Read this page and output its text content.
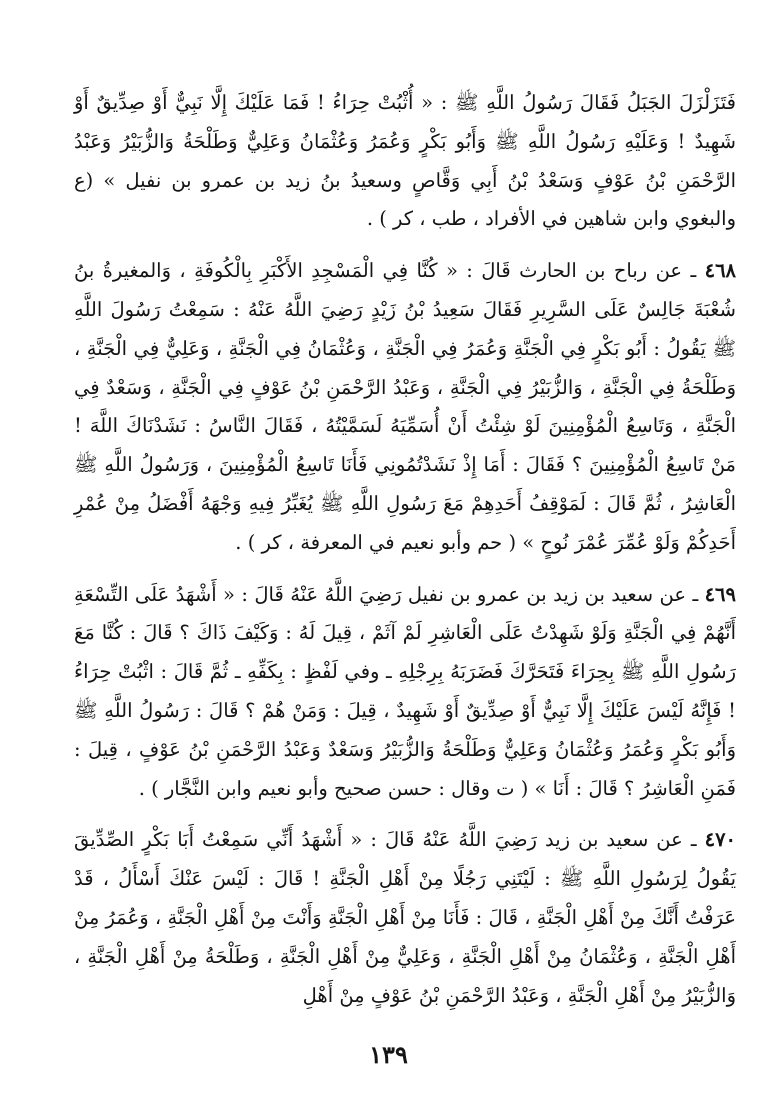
فَتَزَلْزَلَ الجَبَلُ فَقَالَ رَسُولُ اللَّهِ ﷺ : « أُثْبُتْ حِرَاءُ ! فَمَا عَلَيْكَ إِلَّا نَبِيٌّ أَوْ صِدِّيقٌ أَوْ شَهِيدٌ ! وَعَلَيْهِ رَسُولُ اللَّهِ ﷺ وَأَبُو بَكْرٍ وَعُمَرُ وَعُثْمَانُ وَعَلِيٌّ وَطَلْحَةُ وَالزُّبَيْرُ وَعَبْدُ الرَّحْمَنِ بْنُ عَوْفٍ وَسَعْدُ بْنُ أَبِي وَقَّاصٍ وسعيدُ بنُ زيد بن عمرو بن نفيل » (ع والبغوي وابن شاهين في الأفراد ، طب ، كر ) .

٤٦٨ ـ عن رباح بن الحارث قَالَ : « كُنَّا فِي الْمَسْجِدِ الأَكْبَرِ بِالْكُوفَةِ ، وَالمغيرةُ بنُ شُعْبَةَ جَالِسٌ عَلَى السَّرِيرِ فَقَالَ سَعِيدُ بْنُ زَيْدٍ رَضِيَ اللَّهُ عَنْهُ : سَمِعْتُ رَسُولَ اللَّهِ ﷺ يَقُولُ : أَبُو بَكْرٍ فِي الْجَنَّةِ وَعُمَرُ فِي الْجَنَّةِ ، وَعُثْمَانُ فِي الْجَنَّةِ ، وَعَلِيٌّ فِي الْجَنَّةِ ، وَطَلْحَةُ فِي الْجَنَّةِ ، وَالزُّبَيْرُ فِي الْجَنَّةِ ، وَعَبْدُ الرَّحْمَنِ بْنُ عَوْفٍ فِي الْجَنَّةِ ، وَسَعْدٌ فِي الْجَنَّةِ ، وَتَاسِعُ الْمُؤْمِنِينَ لَوْ شِئْتُ أَنْ أُسَمِّيَهُ لَسَمَّيْتُهُ ، فَقَالَ النَّاسُ : نَشَدْنَاكَ اللَّهَ ! مَنْ تَاسِعُ الْمُؤْمِنِينَ ؟ فَقَالَ : أَمَا إِذْ نَشَدْتُمُونِي فَأَنَا تَاسِعُ الْمُؤْمِنِينَ ، وَرَسُولُ اللَّهِ ﷺ الْعَاشِرُ ، ثُمَّ قَالَ : لَمَوْقِفُ أَحَدِهِمْ مَعَ رَسُولِ اللَّهِ ﷺ يُغَبِّرُ فِيهِ وَجْهَهُ أَفْضَلُ مِنْ عُمْرِ أَحَدِكُمْ وَلَوْ عُمِّرَ عُمْرَ نُوحٍ » ( حم وأبو نعيم في المعرفة ، كر ) .

٤٦٩ ـ عن سعيد بن زيد بن عمرو بن نفيل رَضِيَ اللَّهُ عَنْهُ قَالَ : « أَشْهَدُ عَلَى التِّسْعَةِ أَنَّهُمْ فِي الْجَنَّةِ وَلَوْ شَهِدْتُ عَلَى الْعَاشِرِ لَمْ آثَمْ ، قِيلَ لَهُ : وَكَيْفَ ذَاكَ ؟ قَالَ : كُنَّا مَعَ رَسُولِ اللَّهِ ﷺ بِحِرَاءَ فَتَحَرَّكَ فَضَرَبَهُ بِرِجْلِهِ ـ وفي لَفْظٍ : بِكَفِّهِ ـ ثُمَّ قَالَ : اثْبُتْ حِرَاءُ ! فَإِنَّهُ لَيْسَ عَلَيْكَ إِلَّا نَبِيٌّ أَوْ صِدِّيقٌ أَوْ شَهِيدٌ ، قِيلَ : وَمَنْ هُمْ ؟ قَالَ : رَسُولُ اللَّهِ ﷺ وَأَبُو بَكْرٍ وَعُمَرُ وَعُثْمَانُ وَعَلِيٌّ وَطَلْحَةُ وَالزُّبَيْرُ وَسَعْدٌ وَعَبْدُ الرَّحْمَنِ بْنُ عَوْفٍ ، قِيلَ : فَمَنِ الْعَاشِرُ ؟ قَالَ : أَنَا » ( ت وقال : حسن صحيح وأبو نعيم وابن النَّجَّار ) .

٤٧٠ ـ عن سعيد بن زيد رَضِيَ اللَّهُ عَنْهُ قَالَ : « أَشْهَدُ أَنِّي سَمِعْتُ أَبَا بَكْرٍ الصِّدِّيقَ يَقُولُ لِرَسُولِ اللَّهِ ﷺ : لَيْتَنِي رَجُلًا مِنْ أَهْلِ الْجَنَّةِ ! قَالَ : لَيْسَ عَنْكَ أَسْأَلُ ، قَدْ عَرَفْتُ أَنَّكَ مِنْ أَهْلِ الْجَنَّةِ ، قَالَ : فَأَنَا مِنْ أَهْلِ الْجَنَّةِ وَأَنْتَ مِنْ أَهْلِ الْجَنَّةِ ، وَعُمَرُ مِنْ أَهْلِ الْجَنَّةِ ، وَعُثْمَانُ مِنْ أَهْلِ الْجَنَّةِ ، وَعَلِيٌّ مِنْ أَهْلِ الْجَنَّةِ ، وَطَلْحَةُ مِنْ أَهْلِ الْجَنَّةِ ، وَالزُّبَيْرُ مِنْ أَهْلِ الْجَنَّةِ ، وَعَبْدُ الرَّحْمَنِ بْنُ عَوْفٍ مِنْ أَهْلِ

١٣٩
